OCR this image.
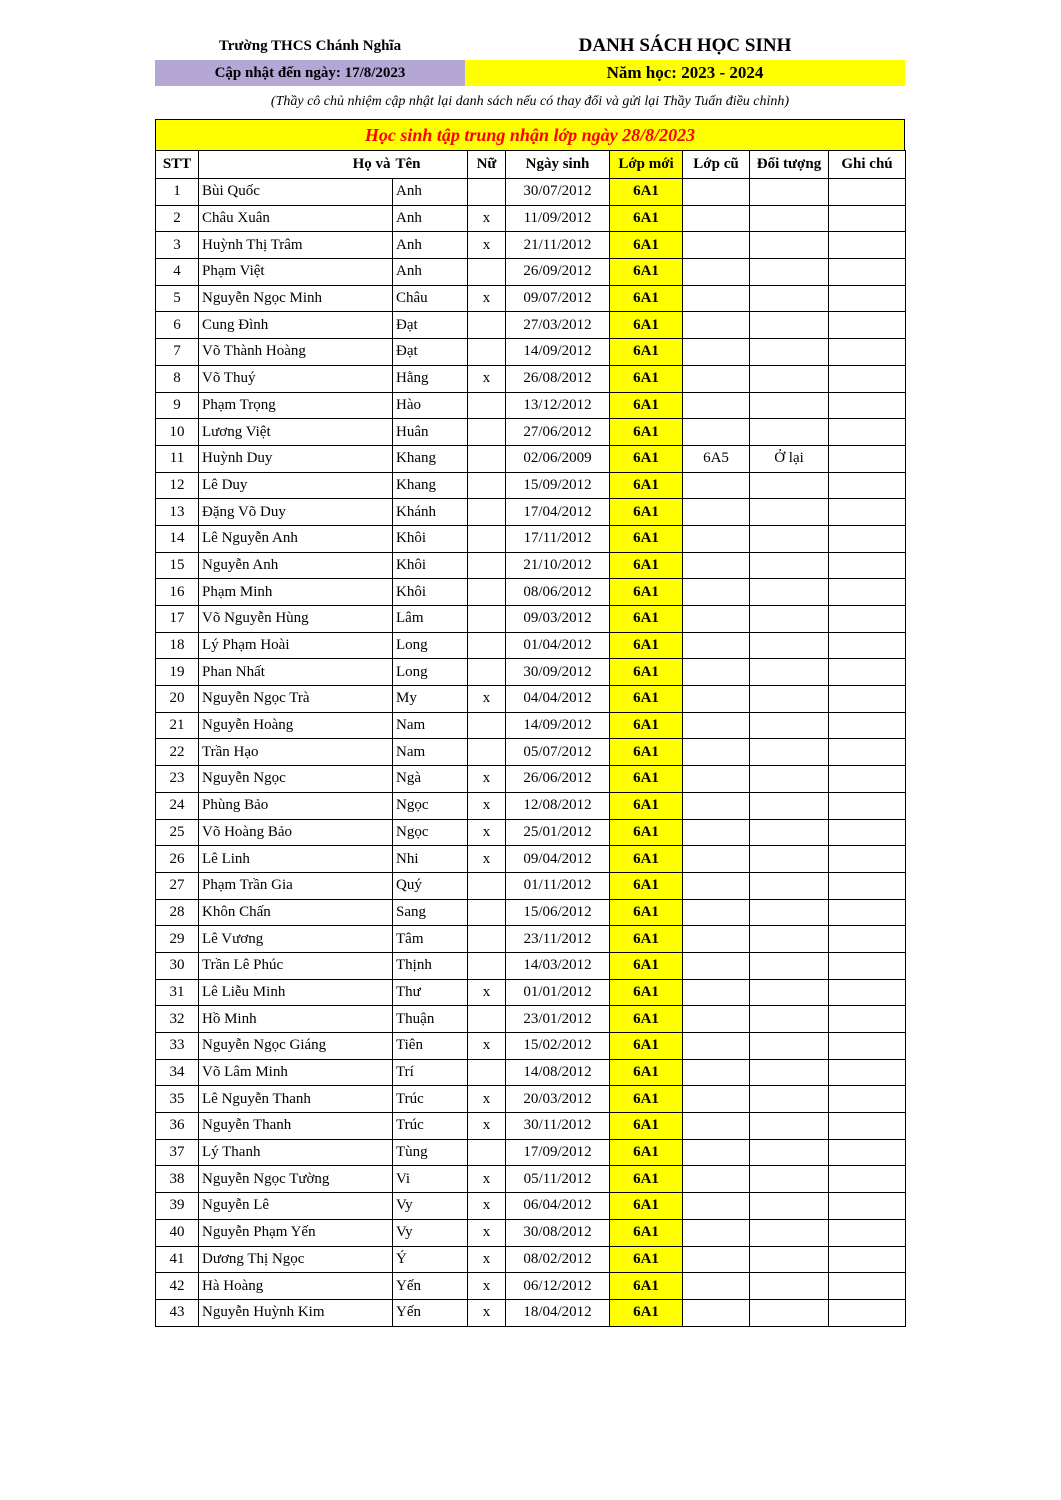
Trường THCS Chánh Nghĩa	DANH SÁCH HỌC SINH
Cập nhật đến ngày: 17/8/2023	Năm học: 2023 - 2024
(Thầy cô chủ nhiệm cập nhật lại danh sách nếu có thay đổi và gửi lại Thầy Tuấn điều chỉnh)
Học sinh tập trung nhận lớp ngày 28/8/2023
STT	Họ và	Tên	Nữ	Ngày sinh	Lớp mới	Lớp cũ	Đối tượng	Ghi chú
1	Bùi Quốc	Anh		30/07/2012	6A1			
2	Châu Xuân	Anh	x	11/09/2012	6A1			
3	Huỳnh Thị Trâm	Anh	x	21/11/2012	6A1			
4	Phạm Việt	Anh		26/09/2012	6A1			
5	Nguyễn Ngọc Minh	Châu	x	09/07/2012	6A1			
6	Cung Đình	Đạt		27/03/2012	6A1			
7	Võ Thành Hoàng	Đạt		14/09/2012	6A1			
8	Võ Thuý	Hằng	x	26/08/2012	6A1			
9	Phạm Trọng	Hào		13/12/2012	6A1			
10	Lương Việt	Huân		27/06/2012	6A1			
11	Huỳnh Duy	Khang		02/06/2009	6A1	6A5	Ở lại	
12	Lê Duy	Khang		15/09/2012	6A1			
13	Đặng Võ Duy	Khánh		17/04/2012	6A1			
14	Lê Nguyễn Anh	Khôi		17/11/2012	6A1			
15	Nguyễn Anh	Khôi		21/10/2012	6A1			
16	Phạm Minh	Khôi		08/06/2012	6A1			
17	Võ Nguyễn Hùng	Lâm		09/03/2012	6A1			
18	Lý Phạm Hoài	Long		01/04/2012	6A1			
19	Phan Nhất	Long		30/09/2012	6A1			
20	Nguyễn Ngọc Trà	My	x	04/04/2012	6A1			
21	Nguyễn Hoàng	Nam		14/09/2012	6A1			
22	Trần Hạo	Nam		05/07/2012	6A1			
23	Nguyễn Ngọc	Ngà	x	26/06/2012	6A1			
24	Phùng Bảo	Ngọc	x	12/08/2012	6A1			
25	Võ Hoàng Bảo	Ngọc	x	25/01/2012	6A1			
26	Lê Linh	Nhi	x	09/04/2012	6A1			
27	Phạm Trần Gia	Quý		01/11/2012	6A1			
28	Khôn Chấn	Sang		15/06/2012	6A1			
29	Lê Vương	Tâm		23/11/2012	6A1			
30	Trần Lê Phúc	Thịnh		14/03/2012	6A1			
31	Lê Liễu Minh	Thư	x	01/01/2012	6A1			
32	Hồ Minh	Thuận		23/01/2012	6A1			
33	Nguyễn Ngọc Giáng	Tiên	x	15/02/2012	6A1			
34	Võ Lâm Minh	Trí		14/08/2012	6A1			
35	Lê Nguyễn Thanh	Trúc	x	20/03/2012	6A1			
36	Nguyễn Thanh	Trúc	x	30/11/2012	6A1			
37	Lý Thanh	Tùng		17/09/2012	6A1			
38	Nguyễn Ngọc Tường	Vi	x	05/11/2012	6A1			
39	Nguyễn Lê	Vy	x	06/04/2012	6A1			
40	Nguyễn Phạm Yến	Vy	x	30/08/2012	6A1			
41	Dương Thị Ngọc	Ý	x	08/02/2012	6A1			
42	Hà Hoàng	Yến	x	06/12/2012	6A1			
43	Nguyễn Huỳnh Kim	Yến	x	18/04/2012	6A1			
